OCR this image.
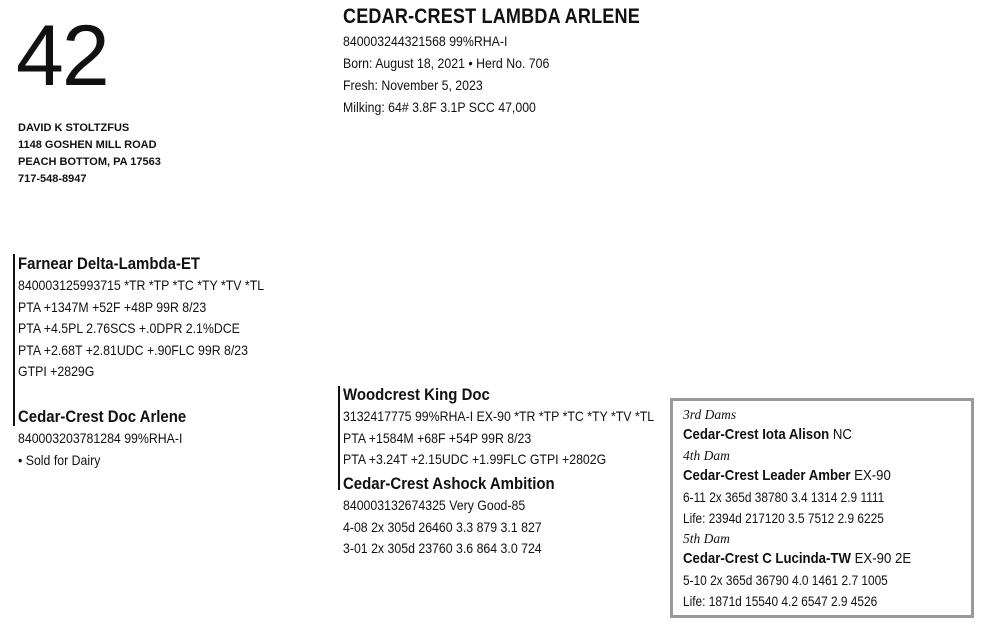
42
DAVID K STOLTZFUS
1148 GOSHEN MILL ROAD
PEACH BOTTOM, PA 17563
717-548-8947
CEDAR-CREST LAMBDA ARLENE
840003244321568 99%RHA-I
Born: August 18, 2021 • Herd No. 706
Fresh: November 5, 2023
Milking: 64# 3.8F 3.1P SCC 47,000
Farnear Delta-Lambda-ET
840003125993715 *TR *TP *TC *TY *TV *TL
PTA +1347M +52F +48P 99R 8/23
PTA +4.5PL 2.76SCS +.0DPR 2.1%DCE
PTA +2.68T +2.81UDC +.90FLC 99R 8/23
GTPI +2829G
Cedar-Crest Doc Arlene
840003203781284 99%RHA-I
• Sold for Dairy
Woodcrest King Doc
3132417775 99%RHA-I EX-90 *TR *TP *TC *TY *TV *TL
PTA +1584M +68F +54P 99R 8/23
PTA +3.24T +2.15UDC +1.99FLC GTPI +2802G
Cedar-Crest Ashock Ambition
840003132674325 Very Good-85
4-08 2x 305d 26460 3.3 879 3.1 827
3-01 2x 305d 23760 3.6 864 3.0 724
3rd Dams
Cedar-Crest Iota Alison NC
4th Dam
Cedar-Crest Leader Amber EX-90
6-11 2x 365d 38780 3.4 1314 2.9 1111
Life: 2394d 217120 3.5 7512 2.9 6225
5th Dam
Cedar-Crest C Lucinda-TW EX-90 2E
5-10 2x 365d 36790 4.0 1461 2.7 1005
Life: 1871d 15540 4.2 6547 2.9 4526
